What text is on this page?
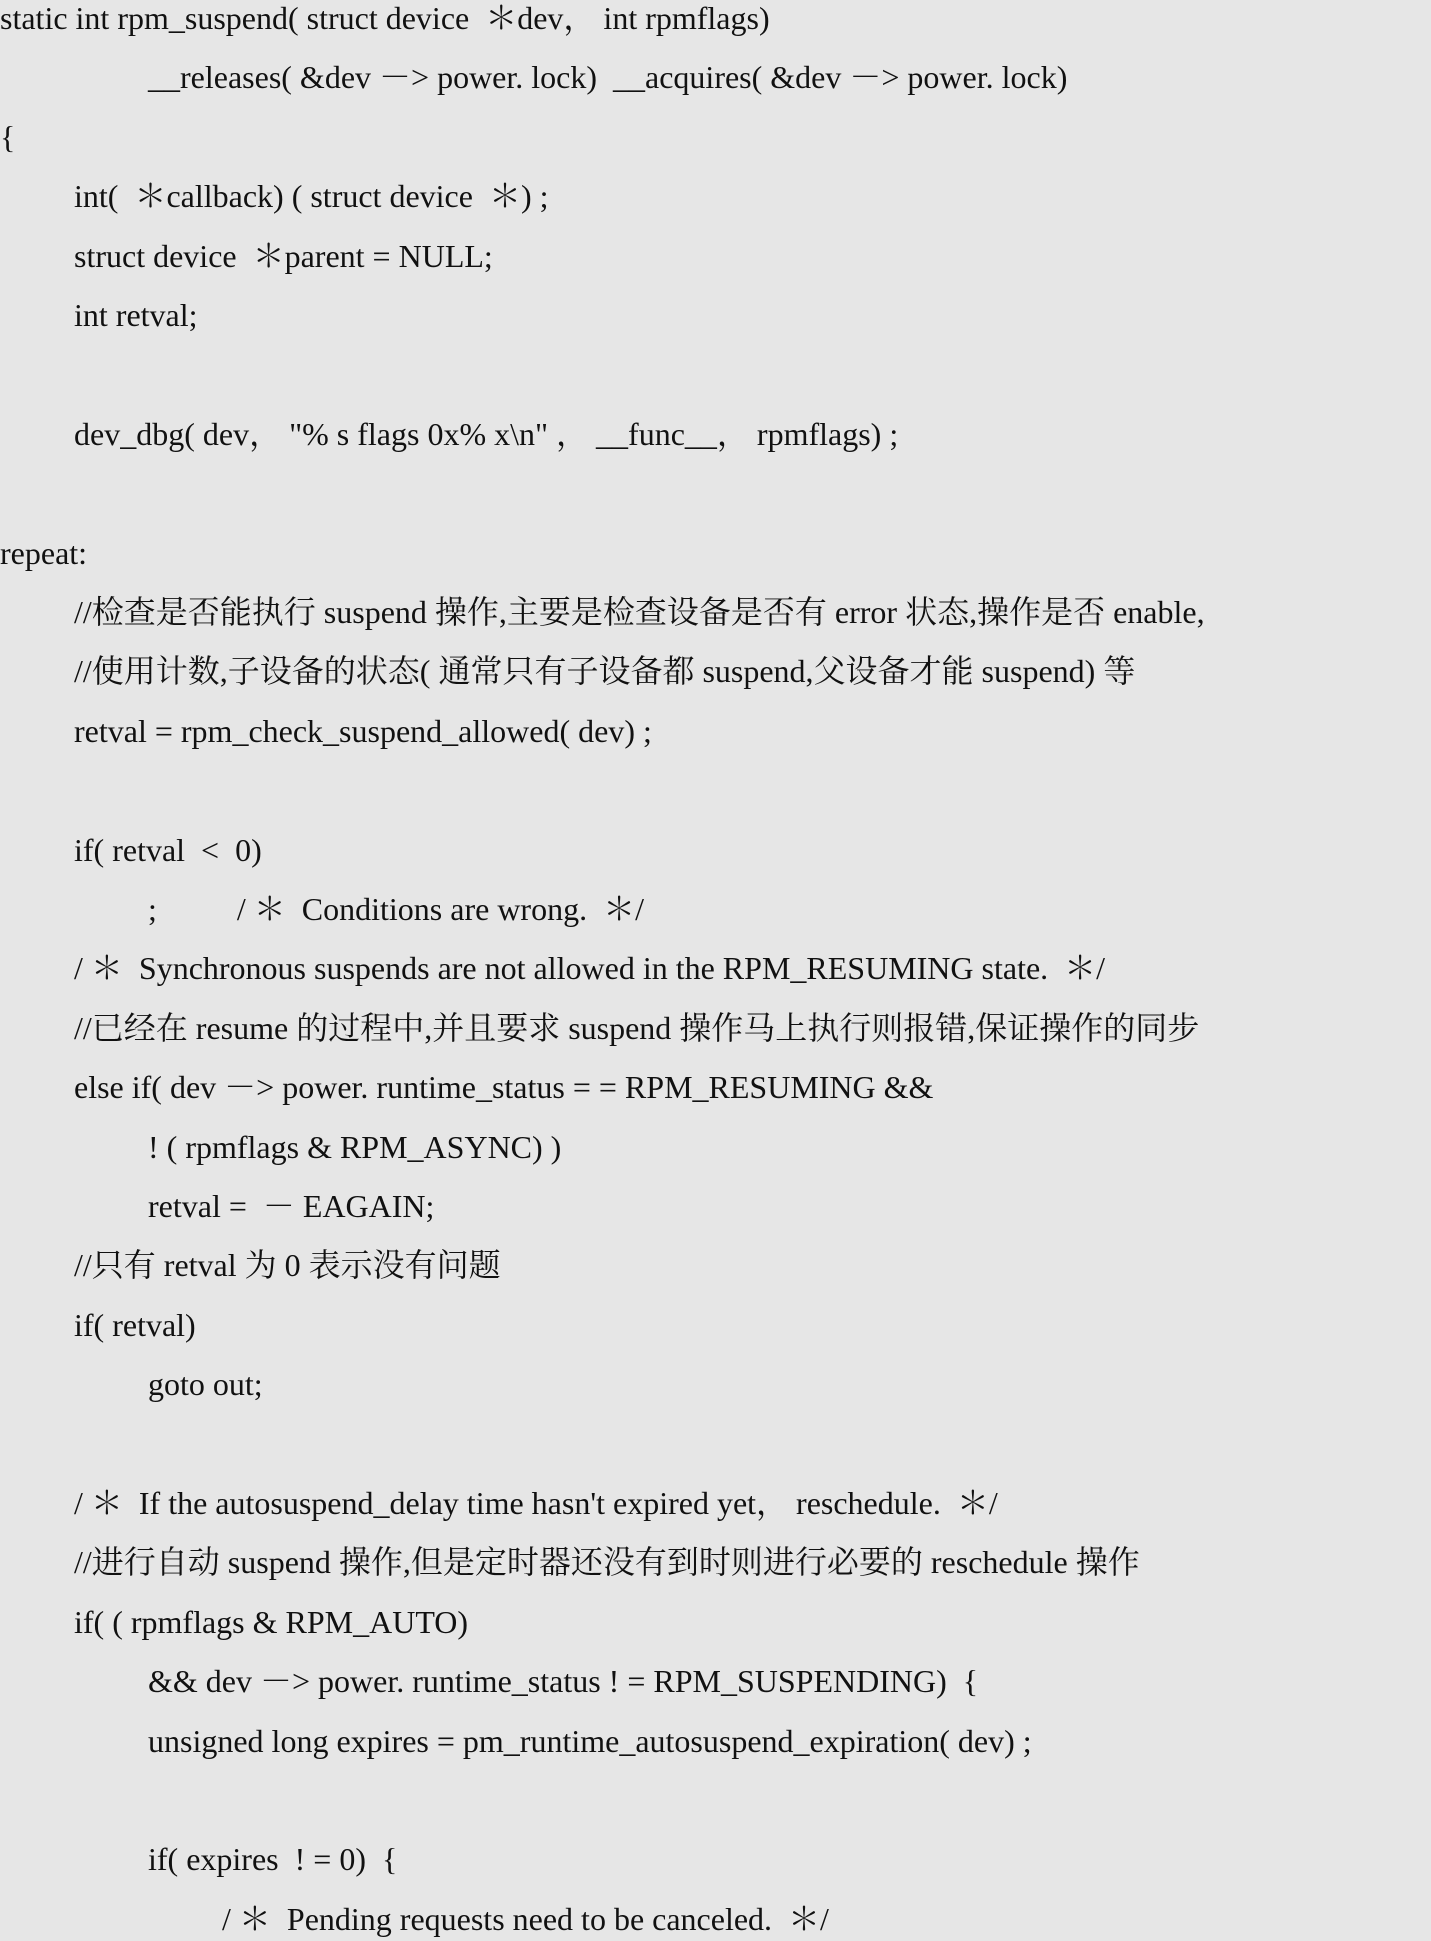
static int rpm_suspend( struct device  ＊dev， int rpmflags)
__releases( &dev －> power. lock)  __acquires( &dev －> power. lock)
{
int(  ＊callback) ( struct device  ＊) ;
struct device  ＊parent = NULL;
int retval;
dev_dbg( dev， "% s flags 0x% x\n" ， __func__， rpmflags) ;
repeat:
//检查是否能执行 suspend 操作,主要是检查设备是否有 error 状态,操作是否 enable,
//使用计数,子设备的状态( 通常只有子设备都 suspend,父设备才能 suspend) 等
retval = rpm_check_suspend_allowed( dev) ;
if( retval  <  0)
;          / ＊  Conditions are wrong.  ＊/
/ ＊  Synchronous suspends are not allowed in the RPM_RESUMING state.  ＊/
//已经在 resume 的过程中,并且要求 suspend 操作马上执行则报错,保证操作的同步
else if( dev －> power. runtime_status = = RPM_RESUMING &&
! ( rpmflags & RPM_ASYNC) )
retval =  － EAGAIN;
//只有 retval 为 0 表示没有问题
if( retval)
goto out;
/ ＊  If the autosuspend_delay time hasn't expired yet， reschedule.  ＊/
//进行自动 suspend 操作,但是定时器还没有到时则进行必要的 reschedule 操作
if( ( rpmflags & RPM_AUTO)
&& dev －> power. runtime_status ! = RPM_SUSPENDING)  {
unsigned long expires = pm_runtime_autosuspend_expiration( dev) ;
if( expires  ! = 0)  {
/ ＊  Pending requests need to be canceled.  ＊/
